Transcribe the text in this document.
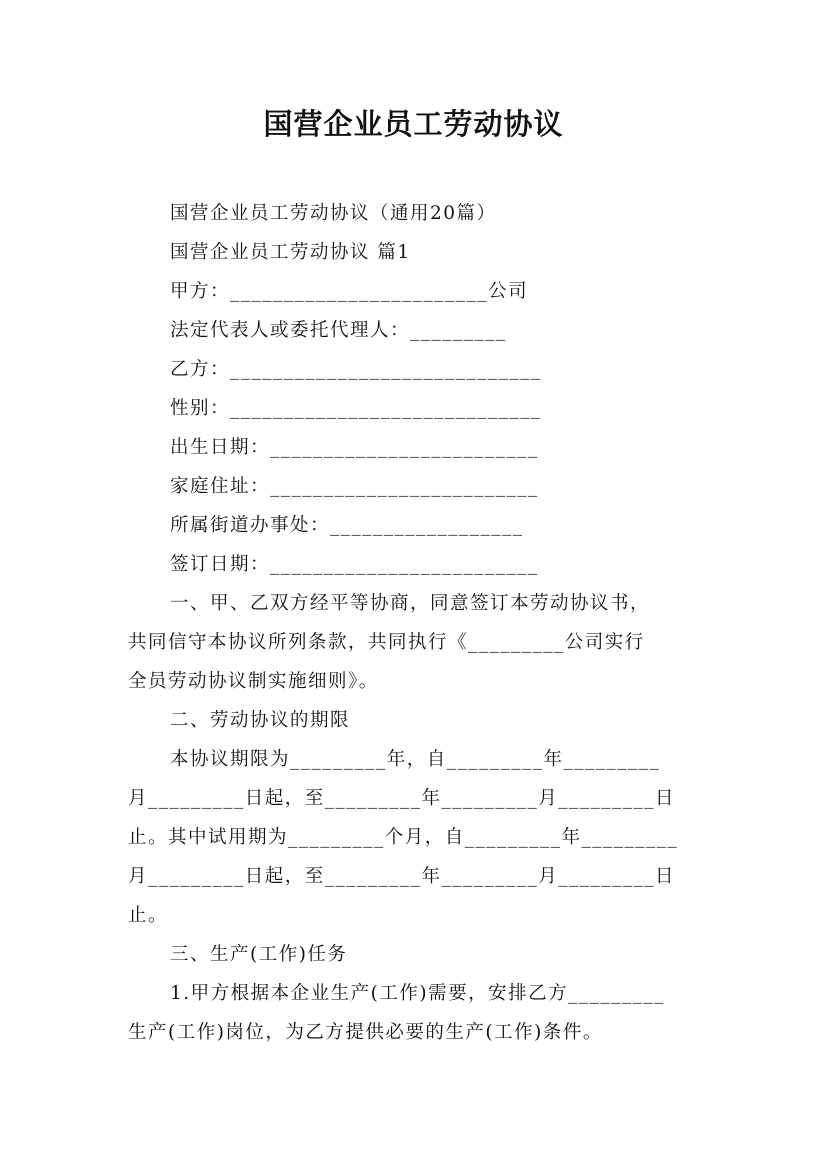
国营企业员工劳动协议
国营企业员工劳动协议（通用20篇）
国营企业员工劳动协议 篇1
甲方：________________________公司
法定代表人或委托代理人：_________
乙方：_____________________________
性别：_____________________________
出生日期：_________________________
家庭住址：_________________________
所属街道办事处：__________________
签订日期：_________________________
一、甲、乙双方经平等协商，同意签订本劳动协议书，
共同信守本协议所列条款，共同执行《_________公司实行
全员劳动协议制实施细则》。
二、劳动协议的期限
本协议期限为_________年，自_________年_________
月_________日起，至_________年_________月_________日
止。其中试用期为_________个月，自_________年_________
月_________日起，至_________年_________月_________日
止。
三、生产(工作)任务
1.甲方根据本企业生产(工作)需要，安排乙方_________
生产(工作)岗位，为乙方提供必要的生产(工作)条件。
